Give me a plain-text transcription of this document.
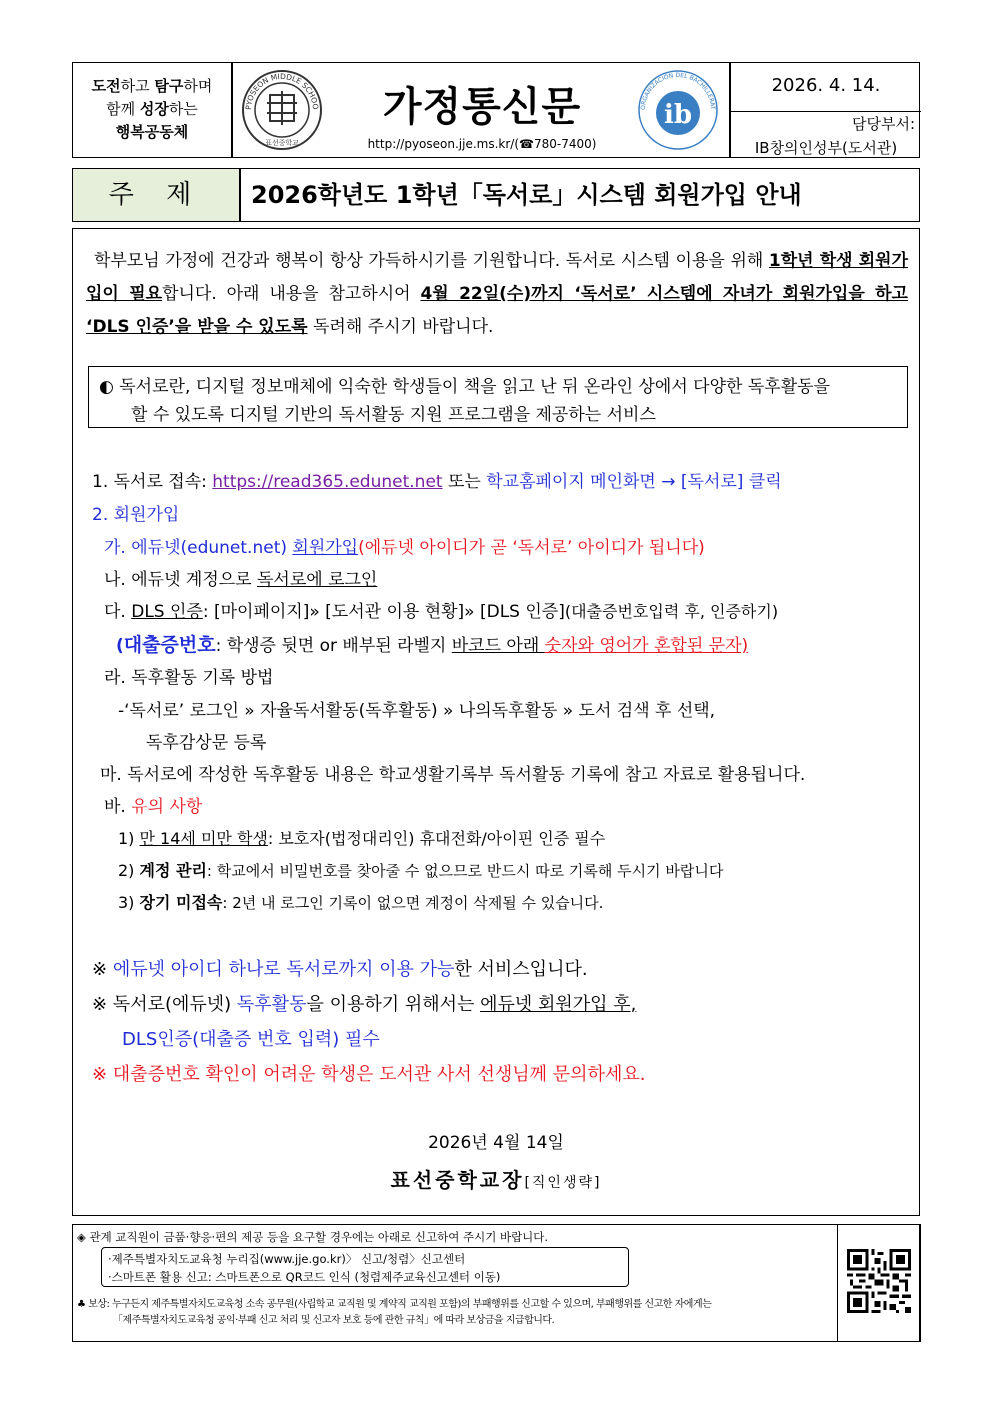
도전하고 탐구하며
함께 성장하는
행복공동체
PYOSEON MIDDLE SCHOO
표선중학교
가정통신문
http://pyoseon.jje.ms.kr/(☎780-7400)
ORGANIZACIÓN DEL BACHILLERAT
ib
2026. 4. 14.
담당부서:
IB창의인성부(도서관)
주 제	2026학년도 1학년「독서로」시스템 회원가입 안내
학부모님 가정에 건강과 행복이 항상 가득하시기를 기원합니다. 독서로 시스템 이용을 위해 1학년 학생 회원가입이 필요합니다. 아래 내용을 참고하시어 4월 22일(수)까지 ‘독서로’ 시스템에 자녀가 회원가입을 하고 ‘DLS 인증’을 받을 수 있도록 독려해 주시기 바랍니다.
◐ 독서로란, 디지털 정보매체에 익숙한 학생들이 책을 읽고 난 뒤 온라인 상에서 다양한 독후활동을
할 수 있도록 디지털 기반의 독서활동 지원 프로그램을 제공하는 서비스
1. 독서로 접속: https://read365.edunet.net 또는 학교홈페이지 메인화면 → [독서로] 클릭
2. 회원가입
가. 에듀넷(edunet.net) 회원가입(에듀넷 아이디가 곧 ‘독서로’ 아이디가 됩니다)
나. 에듀넷 계정으로 독서로에 로그인
다. DLS 인증: [마이페이지]» [도서관 이용 현황]» [DLS 인증](대출증번호입력 후, 인증하기)
(대출증번호: 학생증 뒷면 or 배부된 라벨지 바코드 아래 숫자와 영어가 혼합된 문자)
라. 독후활동 기록 방법
-‘독서로’ 로그인 » 자율독서활동(독후활동) » 나의독후활동 » 도서 검색 후 선택,
독후감상문 등록
마. 독서로에 작성한 독후활동 내용은 학교생활기록부 독서활동 기록에 참고 자료로 활용됩니다.
바. 유의 사항
1) 만 14세 미만 학생: 보호자(법정대리인) 휴대전화/아이핀 인증 필수
2) 계정 관리: 학교에서 비밀번호를 찾아줄 수 없으므로 반드시 따로 기록해 두시기 바랍니다
3) 장기 미접속: 2년 내 로그인 기록이 없으면 계정이 삭제될 수 있습니다.
※ 에듀넷 아이디 하나로 독서로까지 이용 가능한 서비스입니다.
※ 독서로(에듀넷) 독후활동을 이용하기 위해서는 에듀넷 회원가입 후,
DLS인증(대출증 번호 입력) 필수
※ 대출증번호 확인이 어려운 학생은 도서관 사서 선생님께 문의하세요.
2026년 4월 14일
표선중학교장[직인생략]
◈ 관계 교직원이 금품·향응·편의 제공 등을 요구할 경우에는 아래로 신고하여 주시기 바랍니다.
·제주특별자치도교육청 누리집(www.jje.go.kr)〉 신고/청렴〉신고센터
·스마트폰 활용 신고: 스마트폰으로 QR코드 인식 (청렴제주교육신고센터 이동)
♣ 보상: 누구든지 제주특별자치도교육청 소속 공무원(사립학교 교직원 및 계약직 교직원 포함)의 부패행위를 신고할 수 있으며, 부패행위를 신고한 자에게는
「제주특별자치도교육청 공익·부패 신고 처리 및 신고자 보호 등에 관한 규칙」에 따라 보상금을 지급합니다.
